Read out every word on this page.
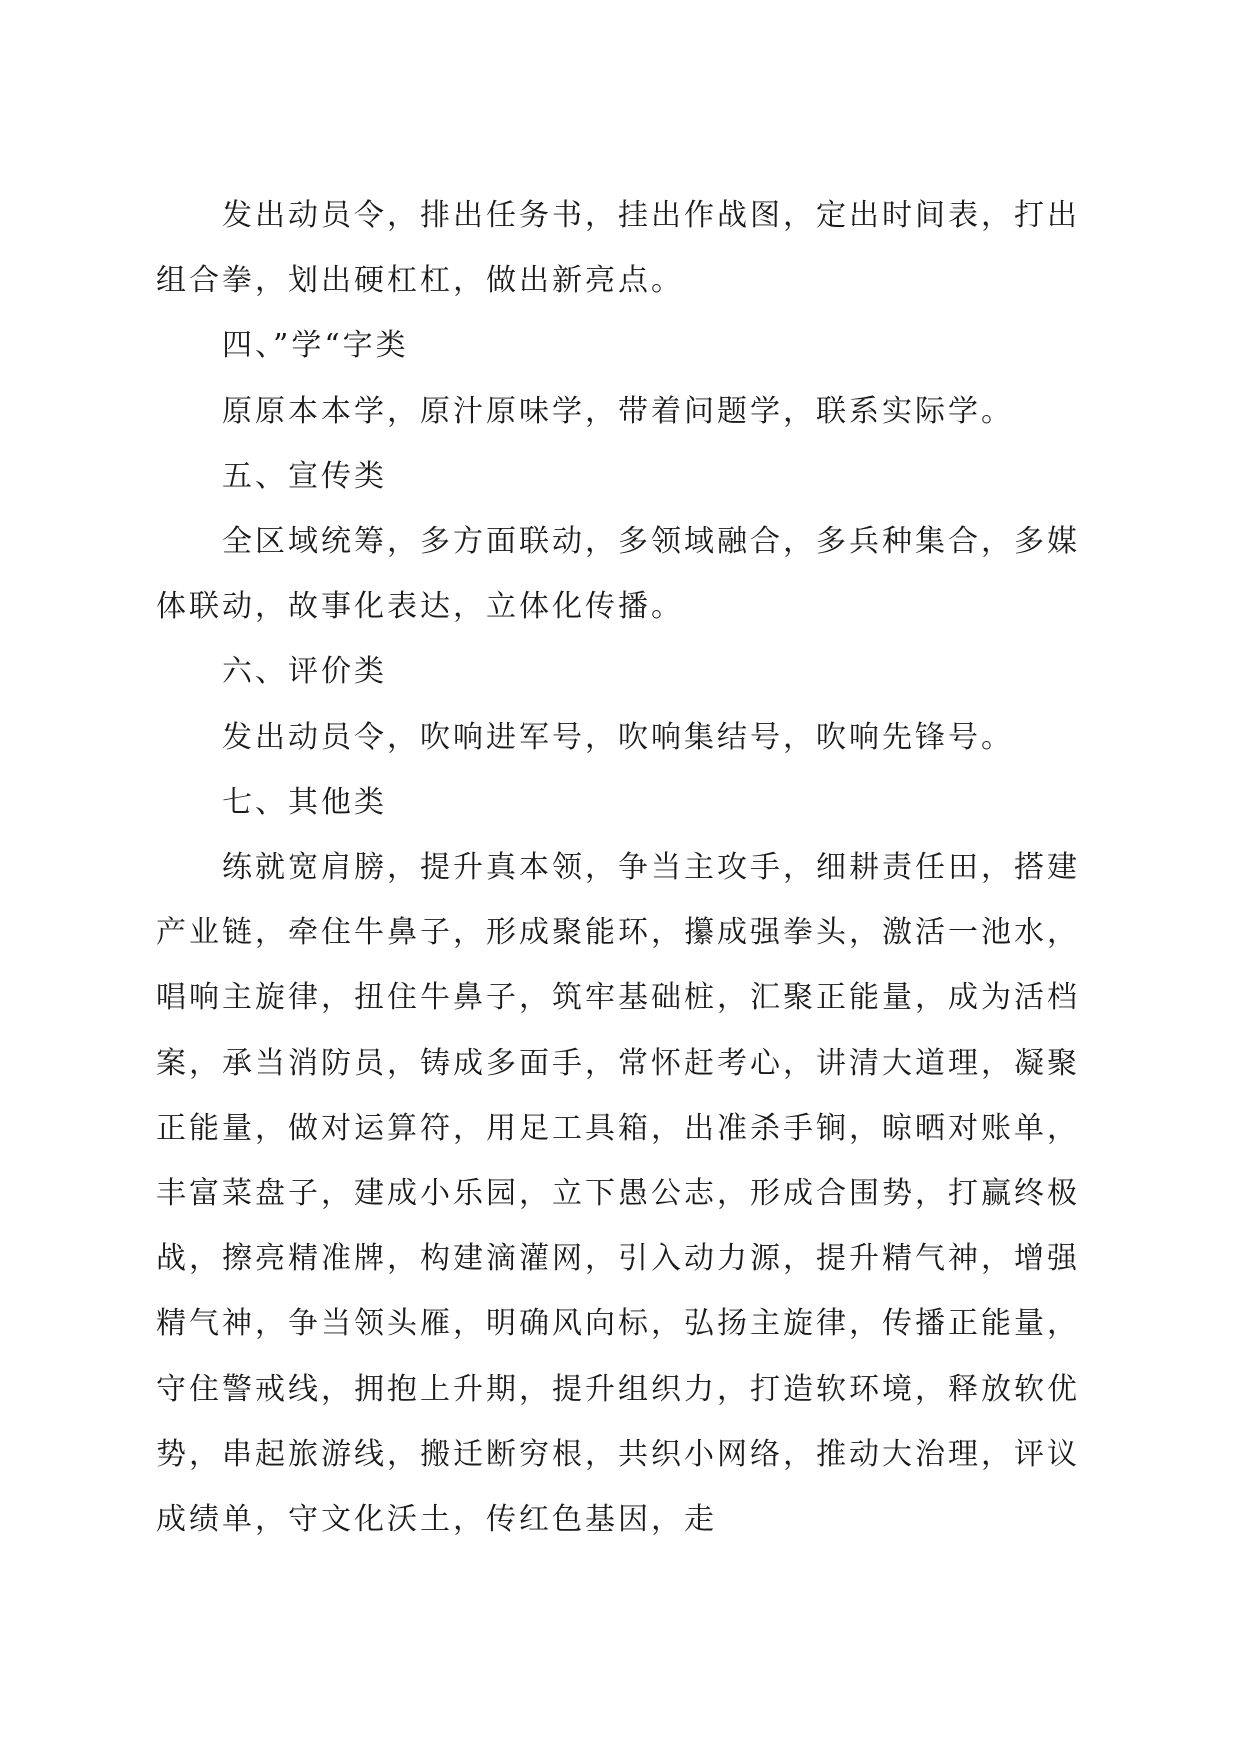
发出动员令，排出任务书，挂出作战图，定出时间表，打出组合拳，划出硬杠杠，做出新亮点。

四、”学“字类

原原本本学，原汁原味学，带着问题学，联系实际学。

五、宣传类

全区域统筹，多方面联动，多领域融合，多兵种集合，多媒体联动，故事化表达，立体化传播。

六、评价类

发出动员令，吹响进军号，吹响集结号，吹响先锋号。

七、其他类

练就宽肩膀，提升真本领，争当主攻手，细耕责任田，搭建产业链，牵住牛鼻子，形成聚能环，攥成强拳头，激活一池水，唱响主旋律，扭住牛鼻子，筑牢基础桩，汇聚正能量，成为活档案，承当消防员，铸成多面手，常怀赶考心，讲清大道理，凝聚正能量，做对运算符，用足工具箱，出准杀手锏，晾晒对账单，丰富菜盘子，建成小乐园，立下愚公志，形成合围势，打赢终极战，擦亮精准牌，构建滴灌网，引入动力源，提升精气神，增强精气神，争当领头雁，明确风向标，弘扬主旋律，传播正能量，守住警戒线，拥抱上升期，提升组织力，打造软环境，释放软优势，串起旅游线，搬迁断穷根，共织小网络，推动大治理，评议成绩单，守文化沃土，传红色基因，走
